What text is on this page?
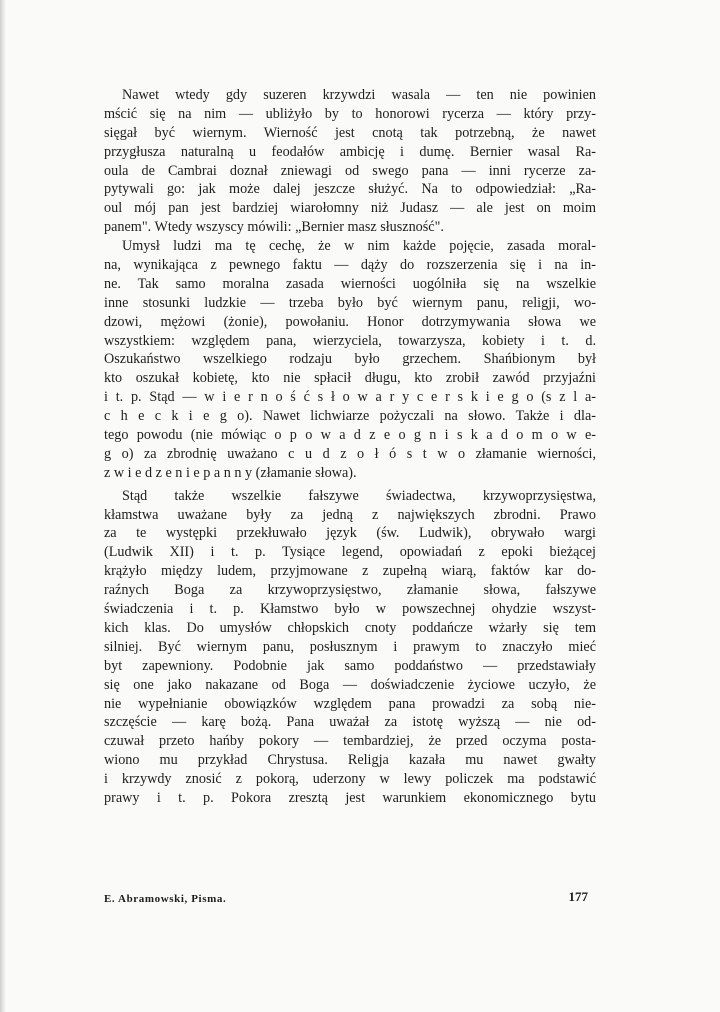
Nawet wtedy gdy suzeren krzywdzi wasala — ten nie powinien
mścić się na nim — ubliżyło by to honorowi rycerza — który przy-
sięgał być wiernym. Wierność jest cnotą tak potrzebną, że nawet
przygłusza naturalną u feodałów ambicję i dumę. Bernier wasal Ra-
oula de Cambrai doznał zniewagi od swego pana — inni rycerze za-
pytywali go: jak może dalej jeszcze służyć. Na to odpowiedział: „Ra-
oul mój pan jest bardziej wiarołomny niż Judasz — ale jest on moim
panem". Wtedy wszyscy mówili: „Bernier masz słuszność".
Umysł ludzi ma tę cechę, że w nim każde pojęcie, zasada moral-
na, wynikająca z pewnego faktu — dąży do rozszerzenia się i na in-
ne. Tak samo moralna zasada wierności uogólniła się na wszelkie
inne stosunki ludzkie — trzeba było być wiernym panu, religji, wo-
dzowi, mężowi (żonie), powołaniu. Honor dotrzymywania słowa we
wszystkiem: względem pana, wierzyciela, towarzysza, kobiety i t. d.
Oszukaństwo wszelkiego rodzaju było grzechem. Shańbionym był
kto oszukał kobietę, kto nie spłacił długu, kto zrobił zawód przyjaźni
i t. p. Stąd — w i e r n o ś ć s ł o w a r y c e r s k i e g o (s z l a-
c h e c k i e g o). Nawet lichwiarze pożyczali na słowo. Także i dla-
tego powodu (nie mówiąc o p o w a d z e o g n i s k a d o m o w e-
g o) za zbrodnię uważano c u d z o ł ó s t w o złamanie wierności,
z w i e d z e n i e p a n n y (złamanie słowa).
Stąd także wszelkie fałszywe świadectwa, krzywoprzysięstwa,
kłamstwa uważane były za jedną z największych zbrodni. Prawo
za te występki przekłuwało język (św. Ludwik), obrywało wargi
(Ludwik XII) i t. p. Tysiące legend, opowiadań z epoki bieżącej
krążyło między ludem, przyjmowane z zupełną wiarą, faktów kar do-
raźnych Boga za krzywoprzysięstwo, złamanie słowa, fałszywe
świadczenia i t. p. Kłamstwo było w powszechnej ohydzie wszyst-
kich klas. Do umysłów chłopskich cnoty poddańcze wżarły się tem
silniej. Być wiernym panu, posłusznym i prawym to znaczyło mieć
byt zapewniony. Podobnie jak samo poddaństwo — przedstawiały
się one jako nakazane od Boga — doświadczenie życiowe uczyło, że
nie wypełnianie obowiązków względem pana prowadzi za sobą nie-
szczęście — karę bożą. Pana uważał za istotę wyższą — nie od-
czuwał przeto hańby pokory — tembardziej, że przed oczyma posta-
wiono mu przykład Chrystusa. Religja kazała mu nawet gwałty
i krzywdy znosić z pokorą, uderzony w lewy policzek ma podstawić
prawy i t. p. Pokora zresztą jest warunkiem ekonomicznego bytu
E. Abramowski, Pisma.	177
